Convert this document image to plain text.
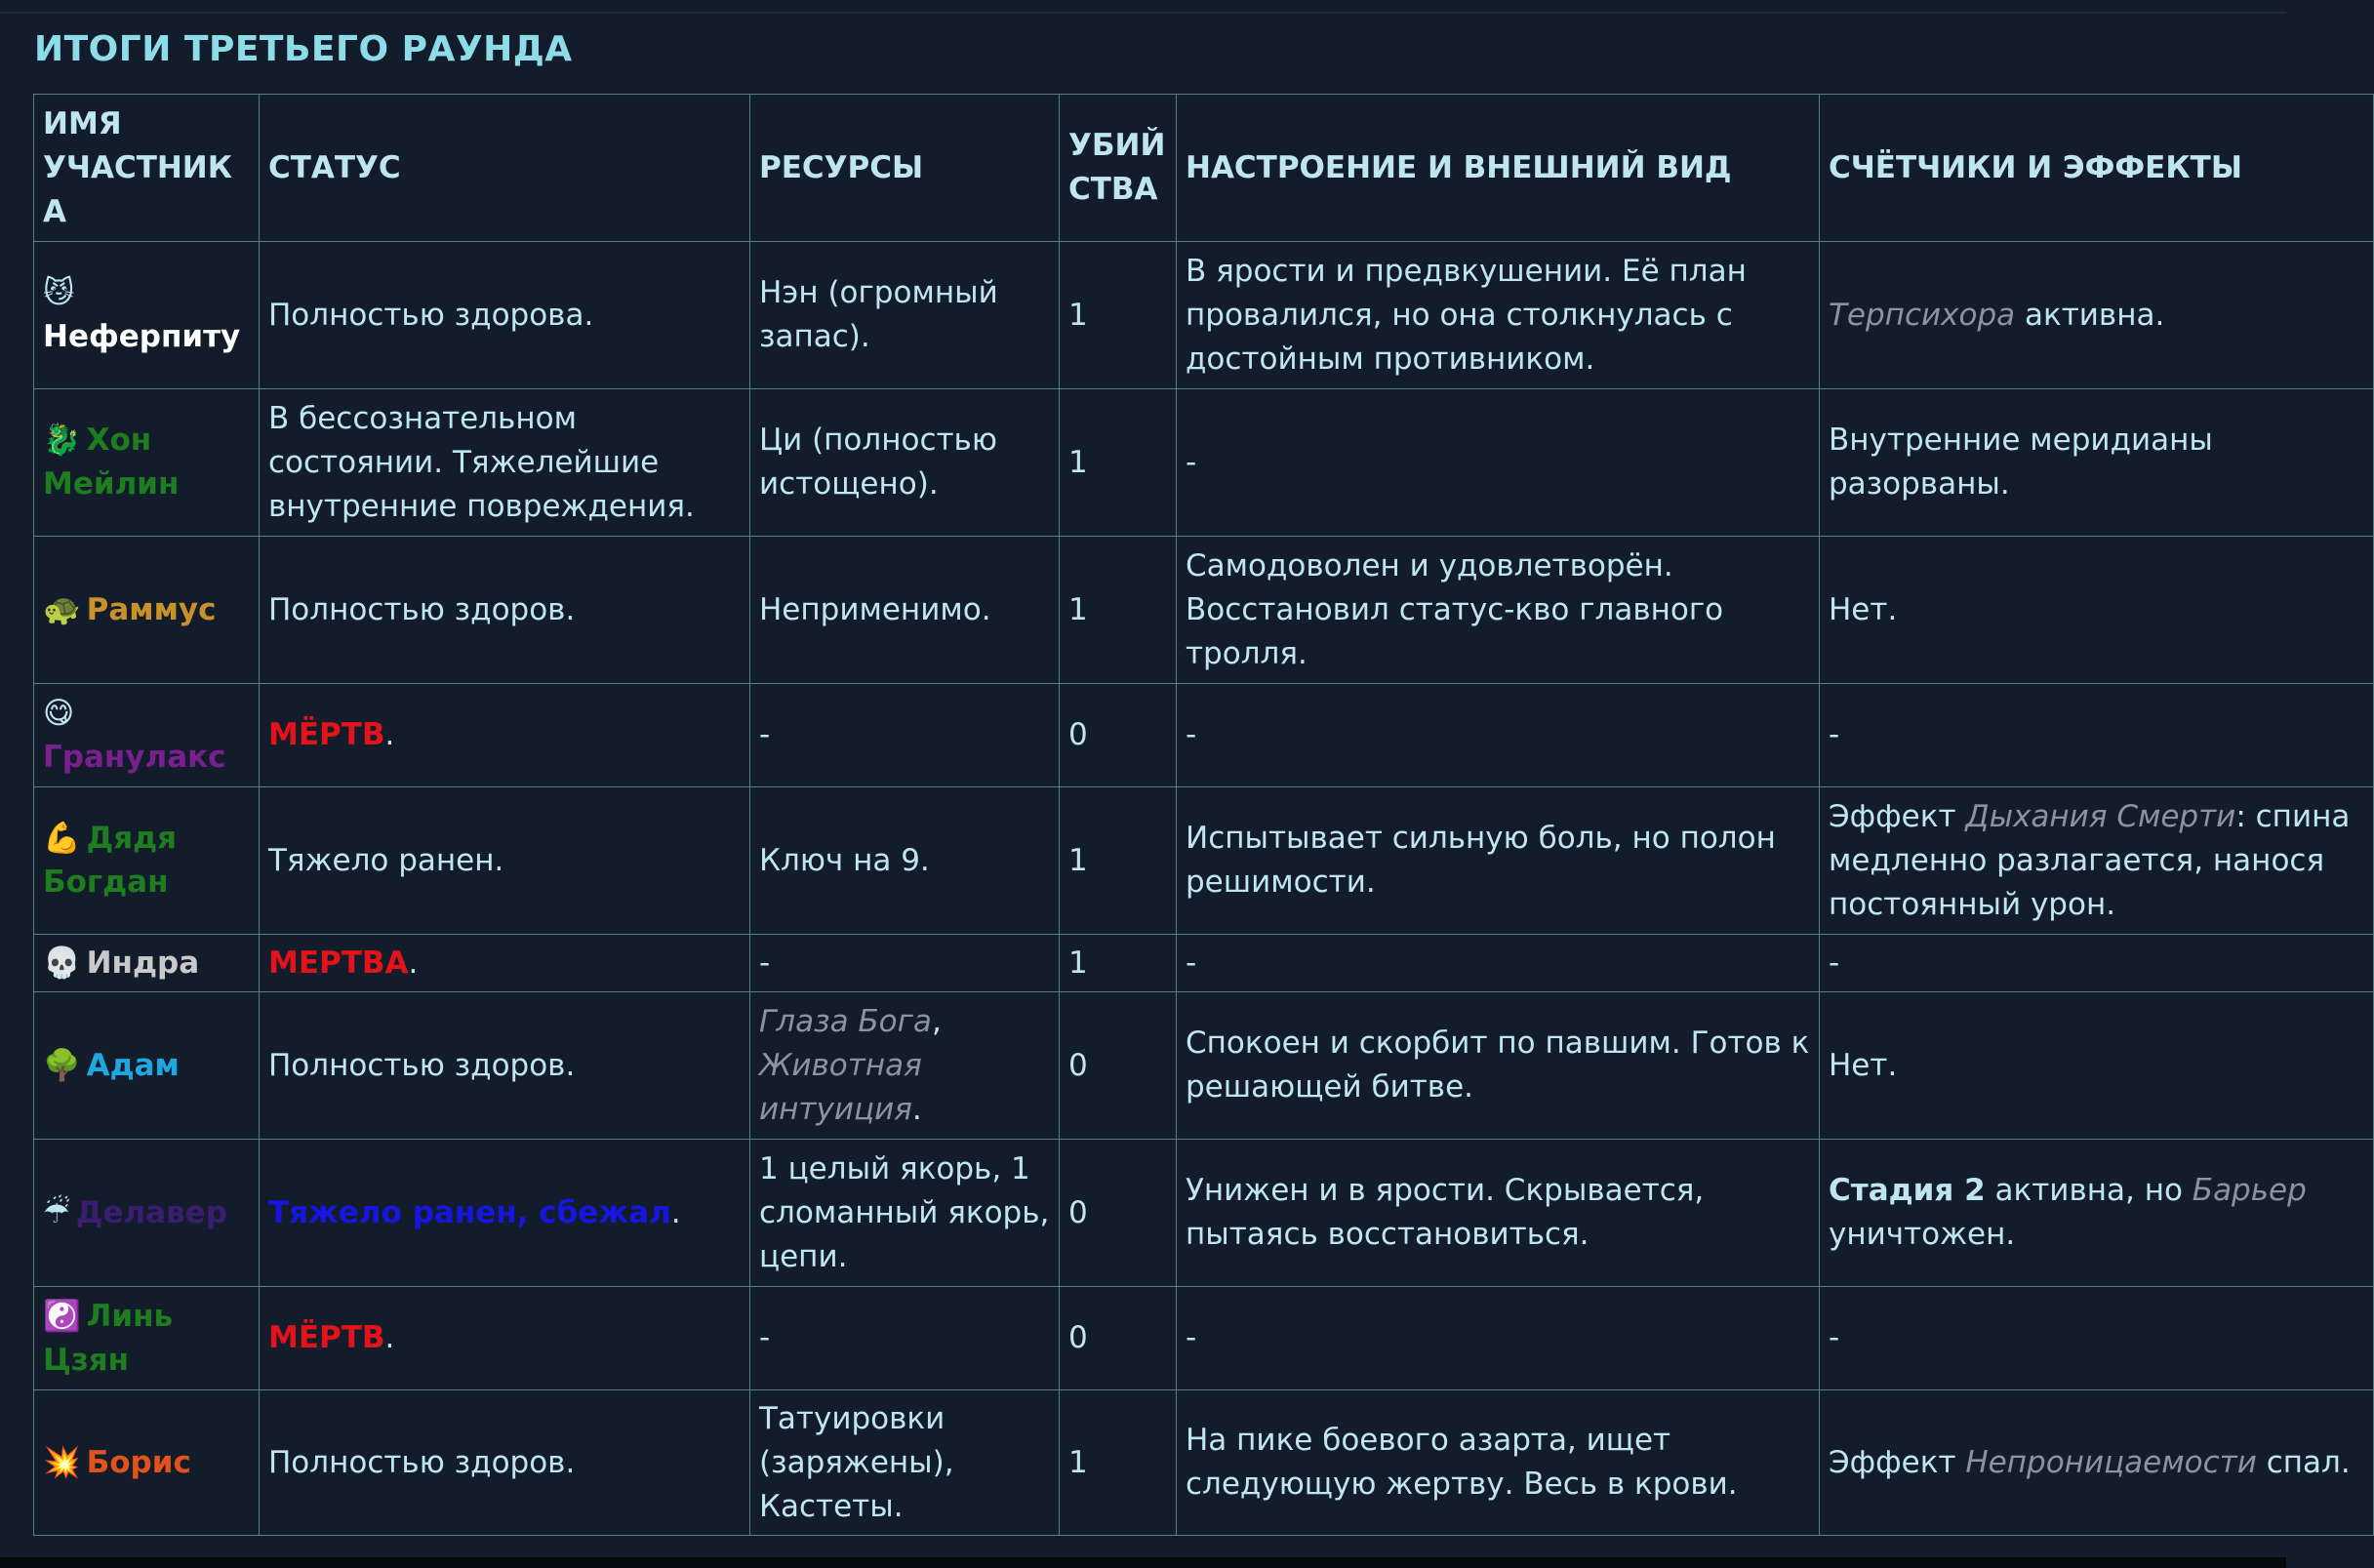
ИТОГИ ТРЕТЬЕГО РАУНДА
ИМЯ УЧАСТНИКА	СТАТУС	РЕСУРСЫ	УБИЙСТВА	НАСТРОЕНИЕ И ВНЕШНИЙ ВИД	СЧЁТЧИКИ И ЭФФЕКТЫ
😼
Неферпиту	Полностью здорова.	Нэн (огромный запас).	1	В ярости и предвкушении. Её план провалился, но она столкнулась с достойным противником.	Терпсихора активна.
🐉 Хон Мейлин	В бессознательном состоянии. Тяжелейшие внутренние повреждения.	Ци (полностью истощено).	1	-	Внутренние меридианы разорваны.
🐢 Раммус	Полностью здоров.	Неприменимо.	1	Самодоволен и удовлетворён. Восстановил статус-кво главного тролля.	Нет.
😋
Гранулакс	МЁРТВ.	-	0	-	-
💪 Дядя Богдан	Тяжело ранен.	Ключ на 9.	1	Испытывает сильную боль, но полон решимости.	Эффект Дыхания Смерти: спина медленно разлагается, нанося постоянный урон.
💀 Индра	МЕРТВА.	-	1	-	-
🌳 Адам	Полностью здоров.	Глаза Бога, Животная интуиция.	0	Спокоен и скорбит по павшим. Готов к решающей битве.	Нет.
☔ Делавер	Тяжело ранен, сбежал.	1 целый якорь, 1 сломанный якорь, цепи.	0	Унижен и в ярости. Скрывается, пытаясь восстановиться.	Стадия 2 активна, но Барьер уничтожен.
☯️ Линь Цзян	МЁРТВ.	-	0	-	-
💥 Борис	Полностью здоров.	Татуировки (заряжены), Кастеты.	1	На пике боевого азарта, ищет следующую жертву. Весь в крови.	Эффект Непроницаемости спал.
